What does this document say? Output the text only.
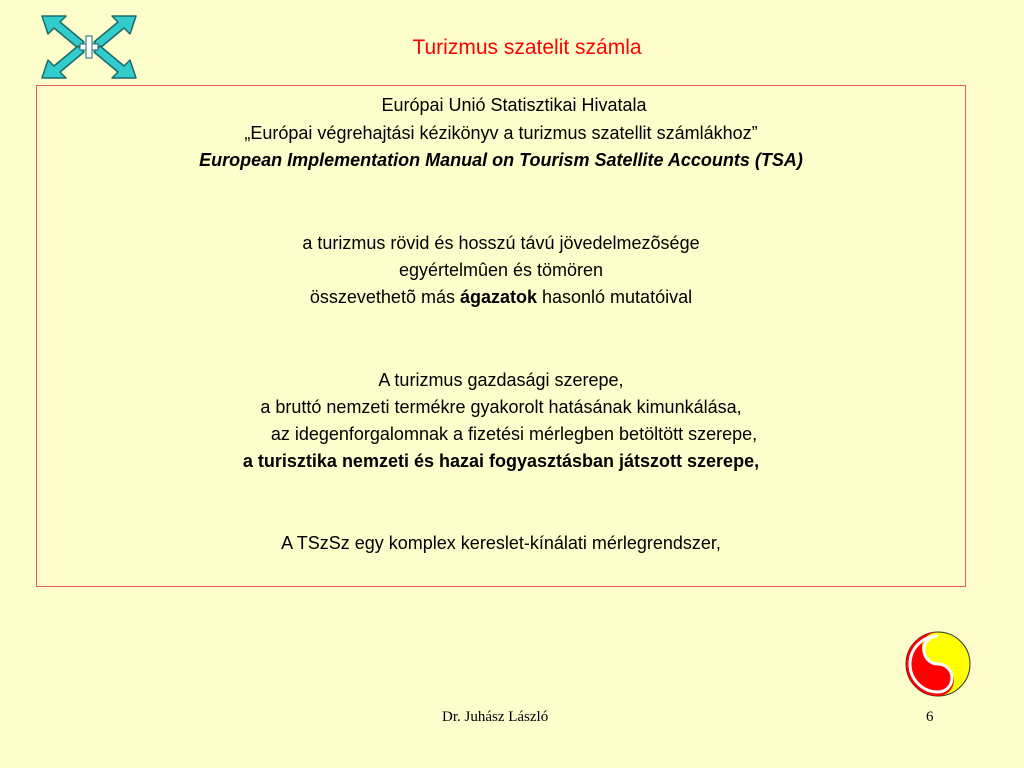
Turizmus szatelit számla
Európai Unió Statisztikai Hivatala
„Európai végrehajtási kézikönyv a turizmus szatellit számlákhoz”
European Implementation Manual on Tourism Satellite Accounts (TSA)
a turizmus rövid és hosszú távú jövedelmezõsége
egyértelmûen és tömören
összevethetõ más ágazatok hasonló mutatóival
A turizmus gazdasági szerepe,
a bruttó nemzeti termékre gyakorolt hatásának kimunkálása,
az idegenforgalomnak a fizetési mérlegben betöltött szerepe,
a turisztika nemzeti és hazai fogyasztásban játszott szerepe,
A TSzSz egy komplex kereslet-kínálati mérlegrendszer,
Dr. Juhász László	6
